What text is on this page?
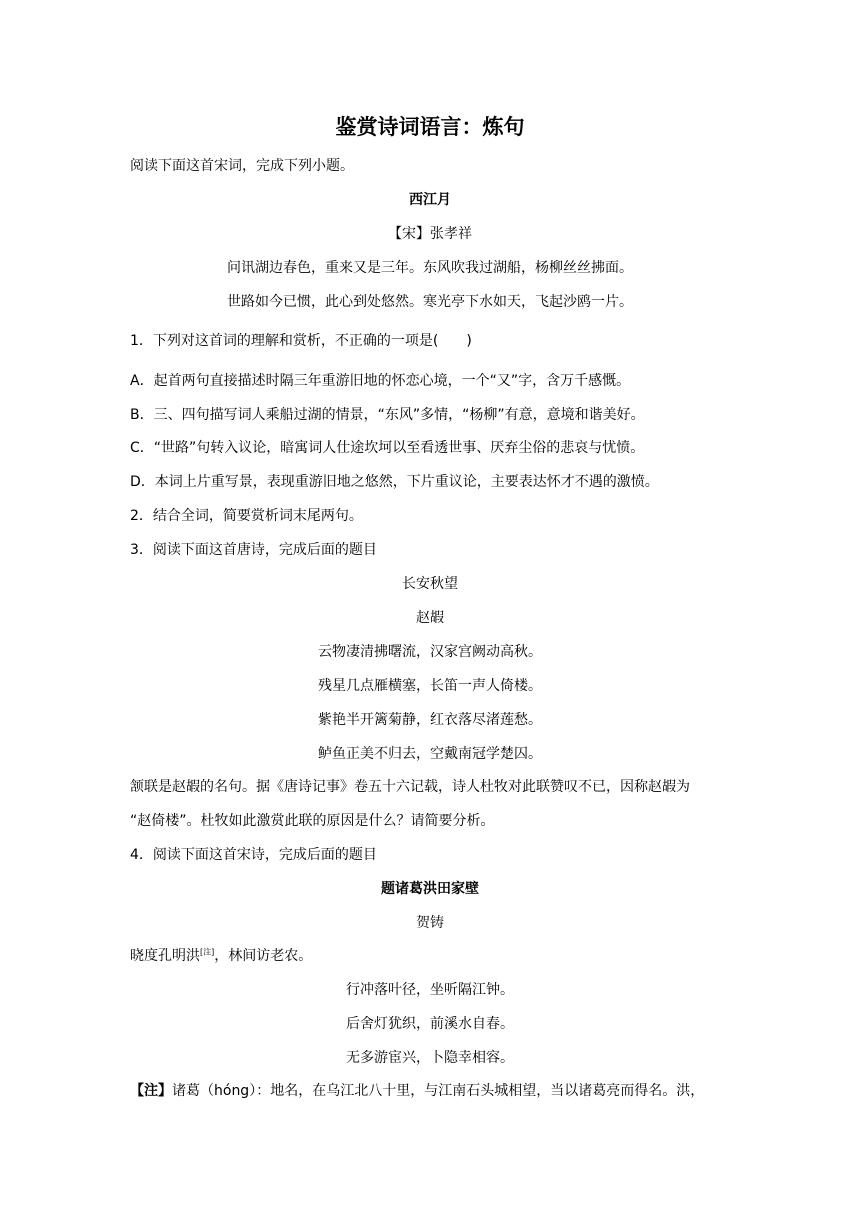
鉴赏诗词语言：炼句
阅读下面这首宋词，完成下列小题。
西江月
【宋】张孝祥
问讯湖边春色，重来又是三年。东风吹我过湖船，杨柳丝丝拂面。
世路如今已惯，此心到处悠然。寒光亭下水如天，飞起沙鸥一片。
1．下列对这首词的理解和赏析，不正确的一项是(　　)
A．起首两句直接描述时隔三年重游旧地的怀恋心境，一个“又”字，含万千感慨。
B．三、四句描写词人乘船过湖的情景，“东风”多情，“杨柳”有意，意境和谐美好。
C．“世路”句转入议论，暗寓词人仕途坎坷以至看透世事、厌弃尘俗的悲哀与忧愤。
D．本词上片重写景，表现重游旧地之悠然，下片重议论，主要表达怀才不遇的激愤。
2．结合全词，简要赏析词末尾两句。
3．阅读下面这首唐诗，完成后面的题目
长安秋望
赵嘏
云物凄清拂曙流，汉家宫阙动高秋。
残星几点雁横塞，长笛一声人倚楼。
紫艳半开篱菊静，红衣落尽渚莲愁。
鲈鱼正美不归去，空戴南冠学楚囚。
颔联是赵嘏的名句。据《唐诗记事》卷五十六记载，诗人杜牧对此联赞叹不已，因称赵嘏为
“赵倚楼”。杜牧如此激赏此联的原因是什么？请简要分析。
4．阅读下面这首宋诗，完成后面的题目
题诸葛洪田家壁
贺铸
晓度孔明洪[注]，林间访老农。
行冲落叶径，坐听隔江钟。
后舍灯犹织，前溪水自春。
无多游宦兴，卜隐幸相容。
【注】诸葛（hóng）：地名，在乌江北八十里，与江南石头城相望，当以诸葛亮而得名。洪，
